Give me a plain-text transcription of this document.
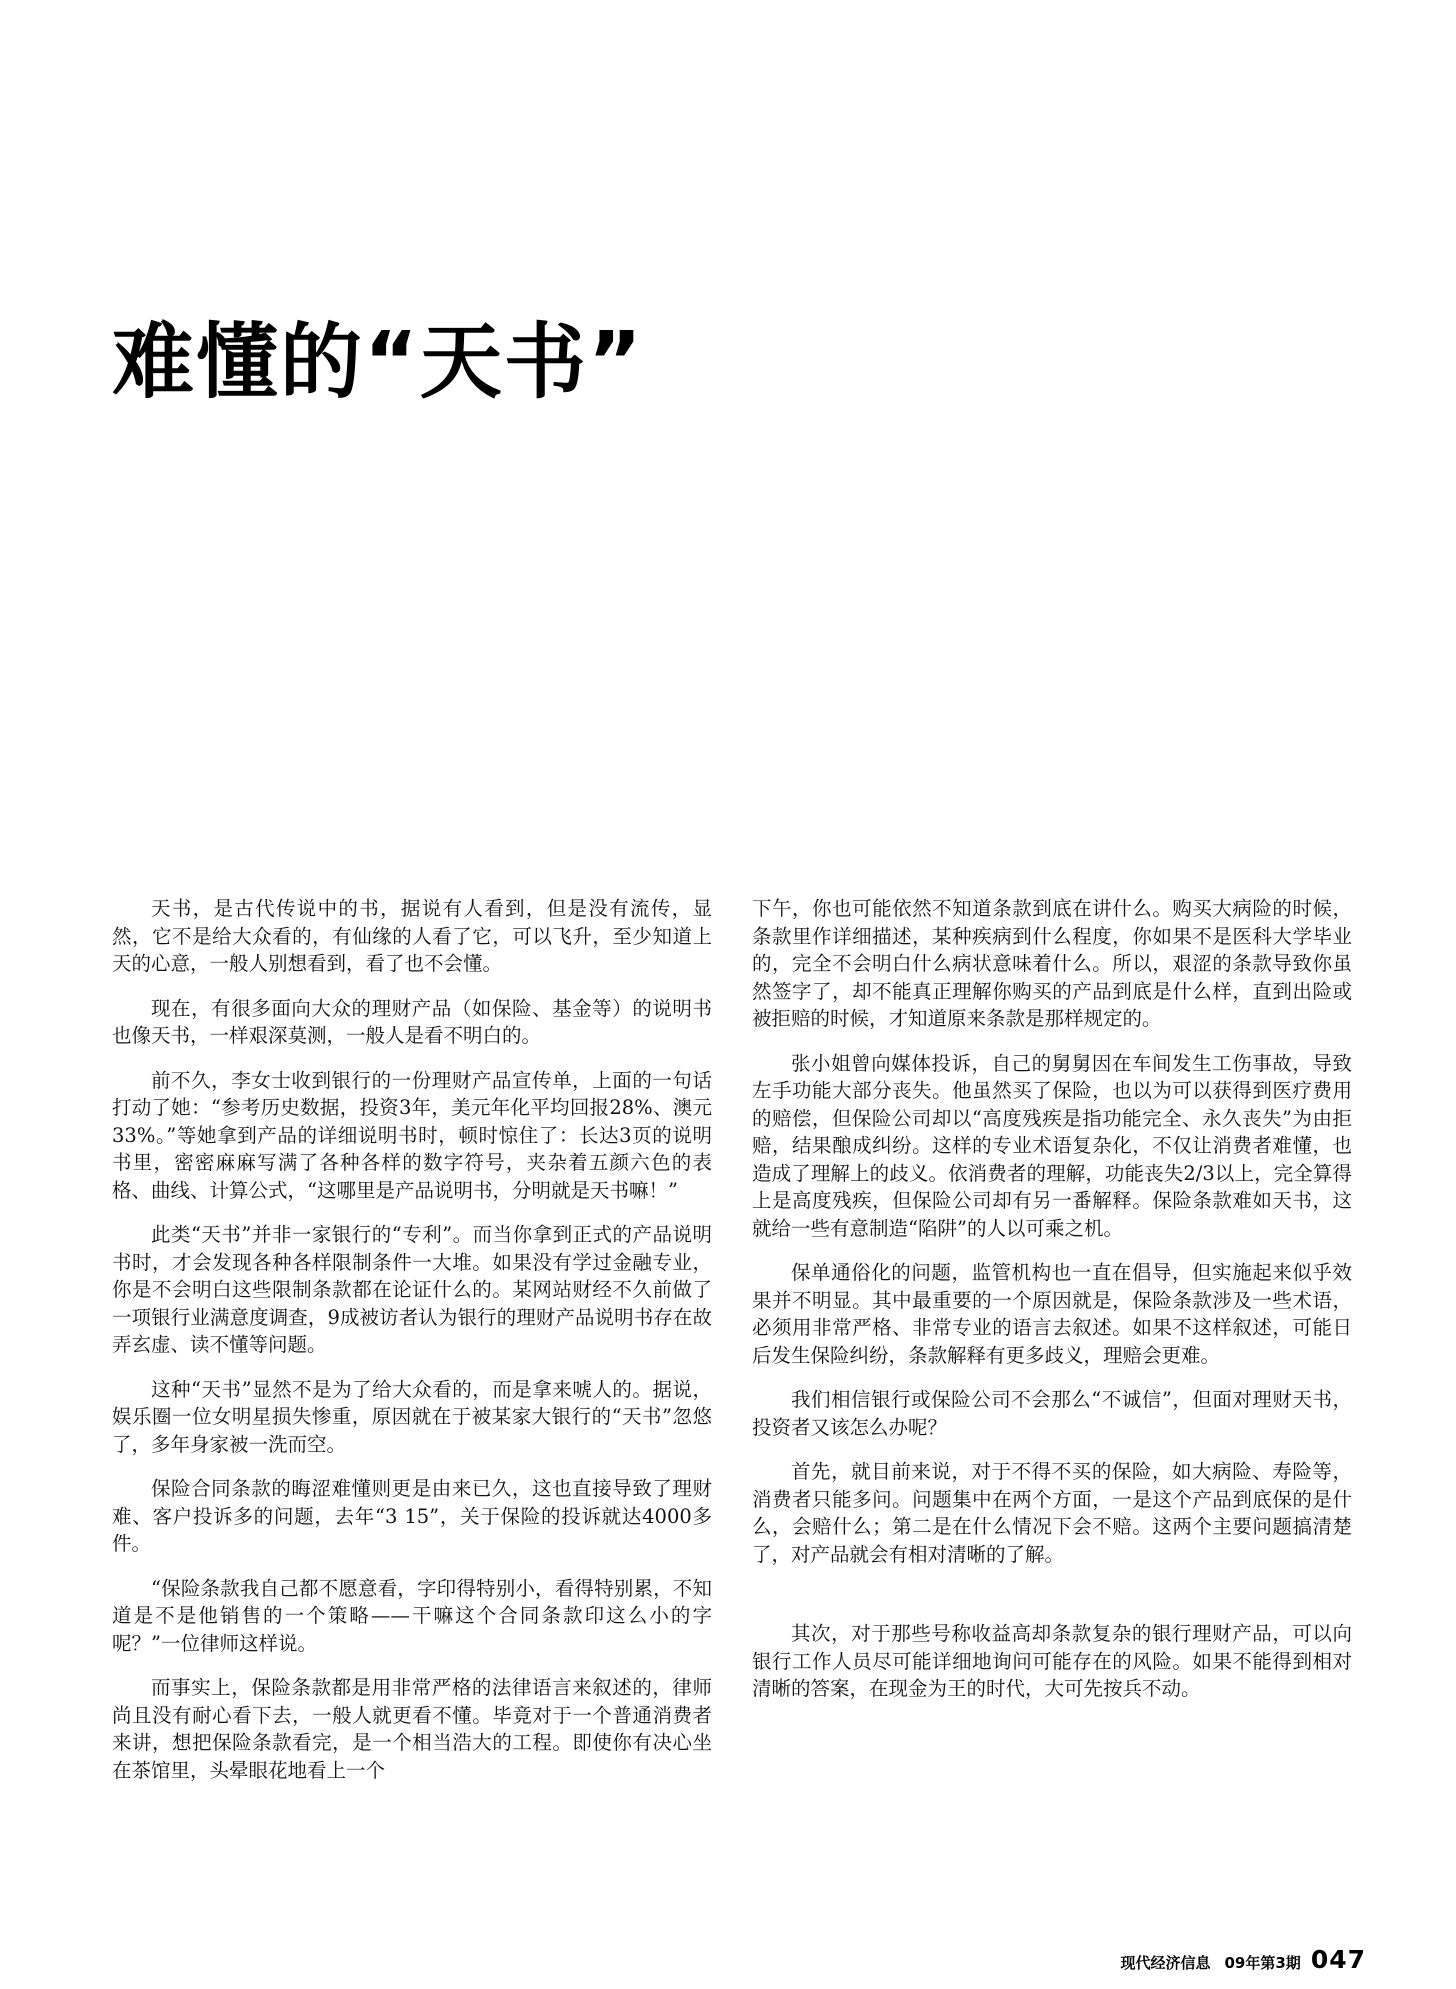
难懂的“天书”

天书，是古代传说中的书，据说有人看到，但是没有流传，显然，它不是给大众看的，有仙缘的人看了它，可以飞升，至少知道上天的心意，一般人别想看到，看了也不会懂。

现在，有很多面向大众的理财产品（如保险、基金等）的说明书也像天书，一样艰深莫测，一般人是看不明白的。

前不久，李女士收到银行的一份理财产品宣传单，上面的一句话打动了她：“参考历史数据，投资3年，美元年化平均回报28%、澳元33%。”等她拿到产品的详细说明书时，顿时惊住了：长达3页的说明书里，密密麻麻写满了各种各样的数字符号，夹杂着五颜六色的表格、曲线、计算公式，“这哪里是产品说明书，分明就是天书嘛！”

此类“天书”并非一家银行的“专利”。而当你拿到正式的产品说明书时，才会发现各种各样限制条件一大堆。如果没有学过金融专业，你是不会明白这些限制条款都在论证什么的。某网站财经不久前做了一项银行业满意度调查，9成被访者认为银行的理财产品说明书存在故弄玄虚、读不懂等问题。

这种“天书”显然不是为了给大众看的，而是拿来唬人的。据说，娱乐圈一位女明星损失惨重，原因就在于被某家大银行的“天书”忽悠了，多年身家被一洗而空。

保险合同条款的晦涩难懂则更是由来已久，这也直接导致了理财难、客户投诉多的问题，去年“3 15”，关于保险的投诉就达4000多件。

“保险条款我自己都不愿意看，字印得特别小，看得特别累，不知道是不是他销售的一个策略——干嘛这个合同条款印这么小的字呢？”一位律师这样说。

而事实上，保险条款都是用非常严格的法律语言来叙述的，律师尚且没有耐心看下去，一般人就更看不懂。毕竟对于一个普通消费者来讲，想把保险条款看完，是一个相当浩大的工程。即使你有决心坐在茶馆里，头晕眼花地看上一个

下午，你也可能依然不知道条款到底在讲什么。购买大病险的时候，条款里作详细描述，某种疾病到什么程度，你如果不是医科大学毕业的，完全不会明白什么病状意味着什么。所以，艰涩的条款导致你虽然签字了，却不能真正理解你购买的产品到底是什么样，直到出险或被拒赔的时候，才知道原来条款是那样规定的。

张小姐曾向媒体投诉，自己的舅舅因在车间发生工伤事故，导致左手功能大部分丧失。他虽然买了保险，也以为可以获得到医疗费用的赔偿，但保险公司却以“高度残疾是指功能完全、永久丧失”为由拒赔，结果酿成纠纷。这样的专业术语复杂化，不仅让消费者难懂，也造成了理解上的歧义。依消费者的理解，功能丧失2/3以上，完全算得上是高度残疾，但保险公司却有另一番解释。保险条款难如天书，这就给一些有意制造“陷阱”的人以可乘之机。

保单通俗化的问题，监管机构也一直在倡导，但实施起来似乎效果并不明显。其中最重要的一个原因就是，保险条款涉及一些术语，必须用非常严格、非常专业的语言去叙述。如果不这样叙述，可能日后发生保险纠纷，条款解释有更多歧义，理赔会更难。

我们相信银行或保险公司不会那么“不诚信”，但面对理财天书，投资者又该怎么办呢？

首先，就目前来说，对于不得不买的保险，如大病险、寿险等，消费者只能多问。问题集中在两个方面，一是这个产品到底保的是什么，会赔什么；第二是在什么情况下会不赔。这两个主要问题搞清楚了，对产品就会有相对清晰的了解。

其次，对于那些号称收益高却条款复杂的银行理财产品，可以向银行工作人员尽可能详细地询问可能存在的风险。如果不能得到相对清晰的答案，在现金为王的时代，大可先按兵不动。

现代经济信息 09年第3期 047
